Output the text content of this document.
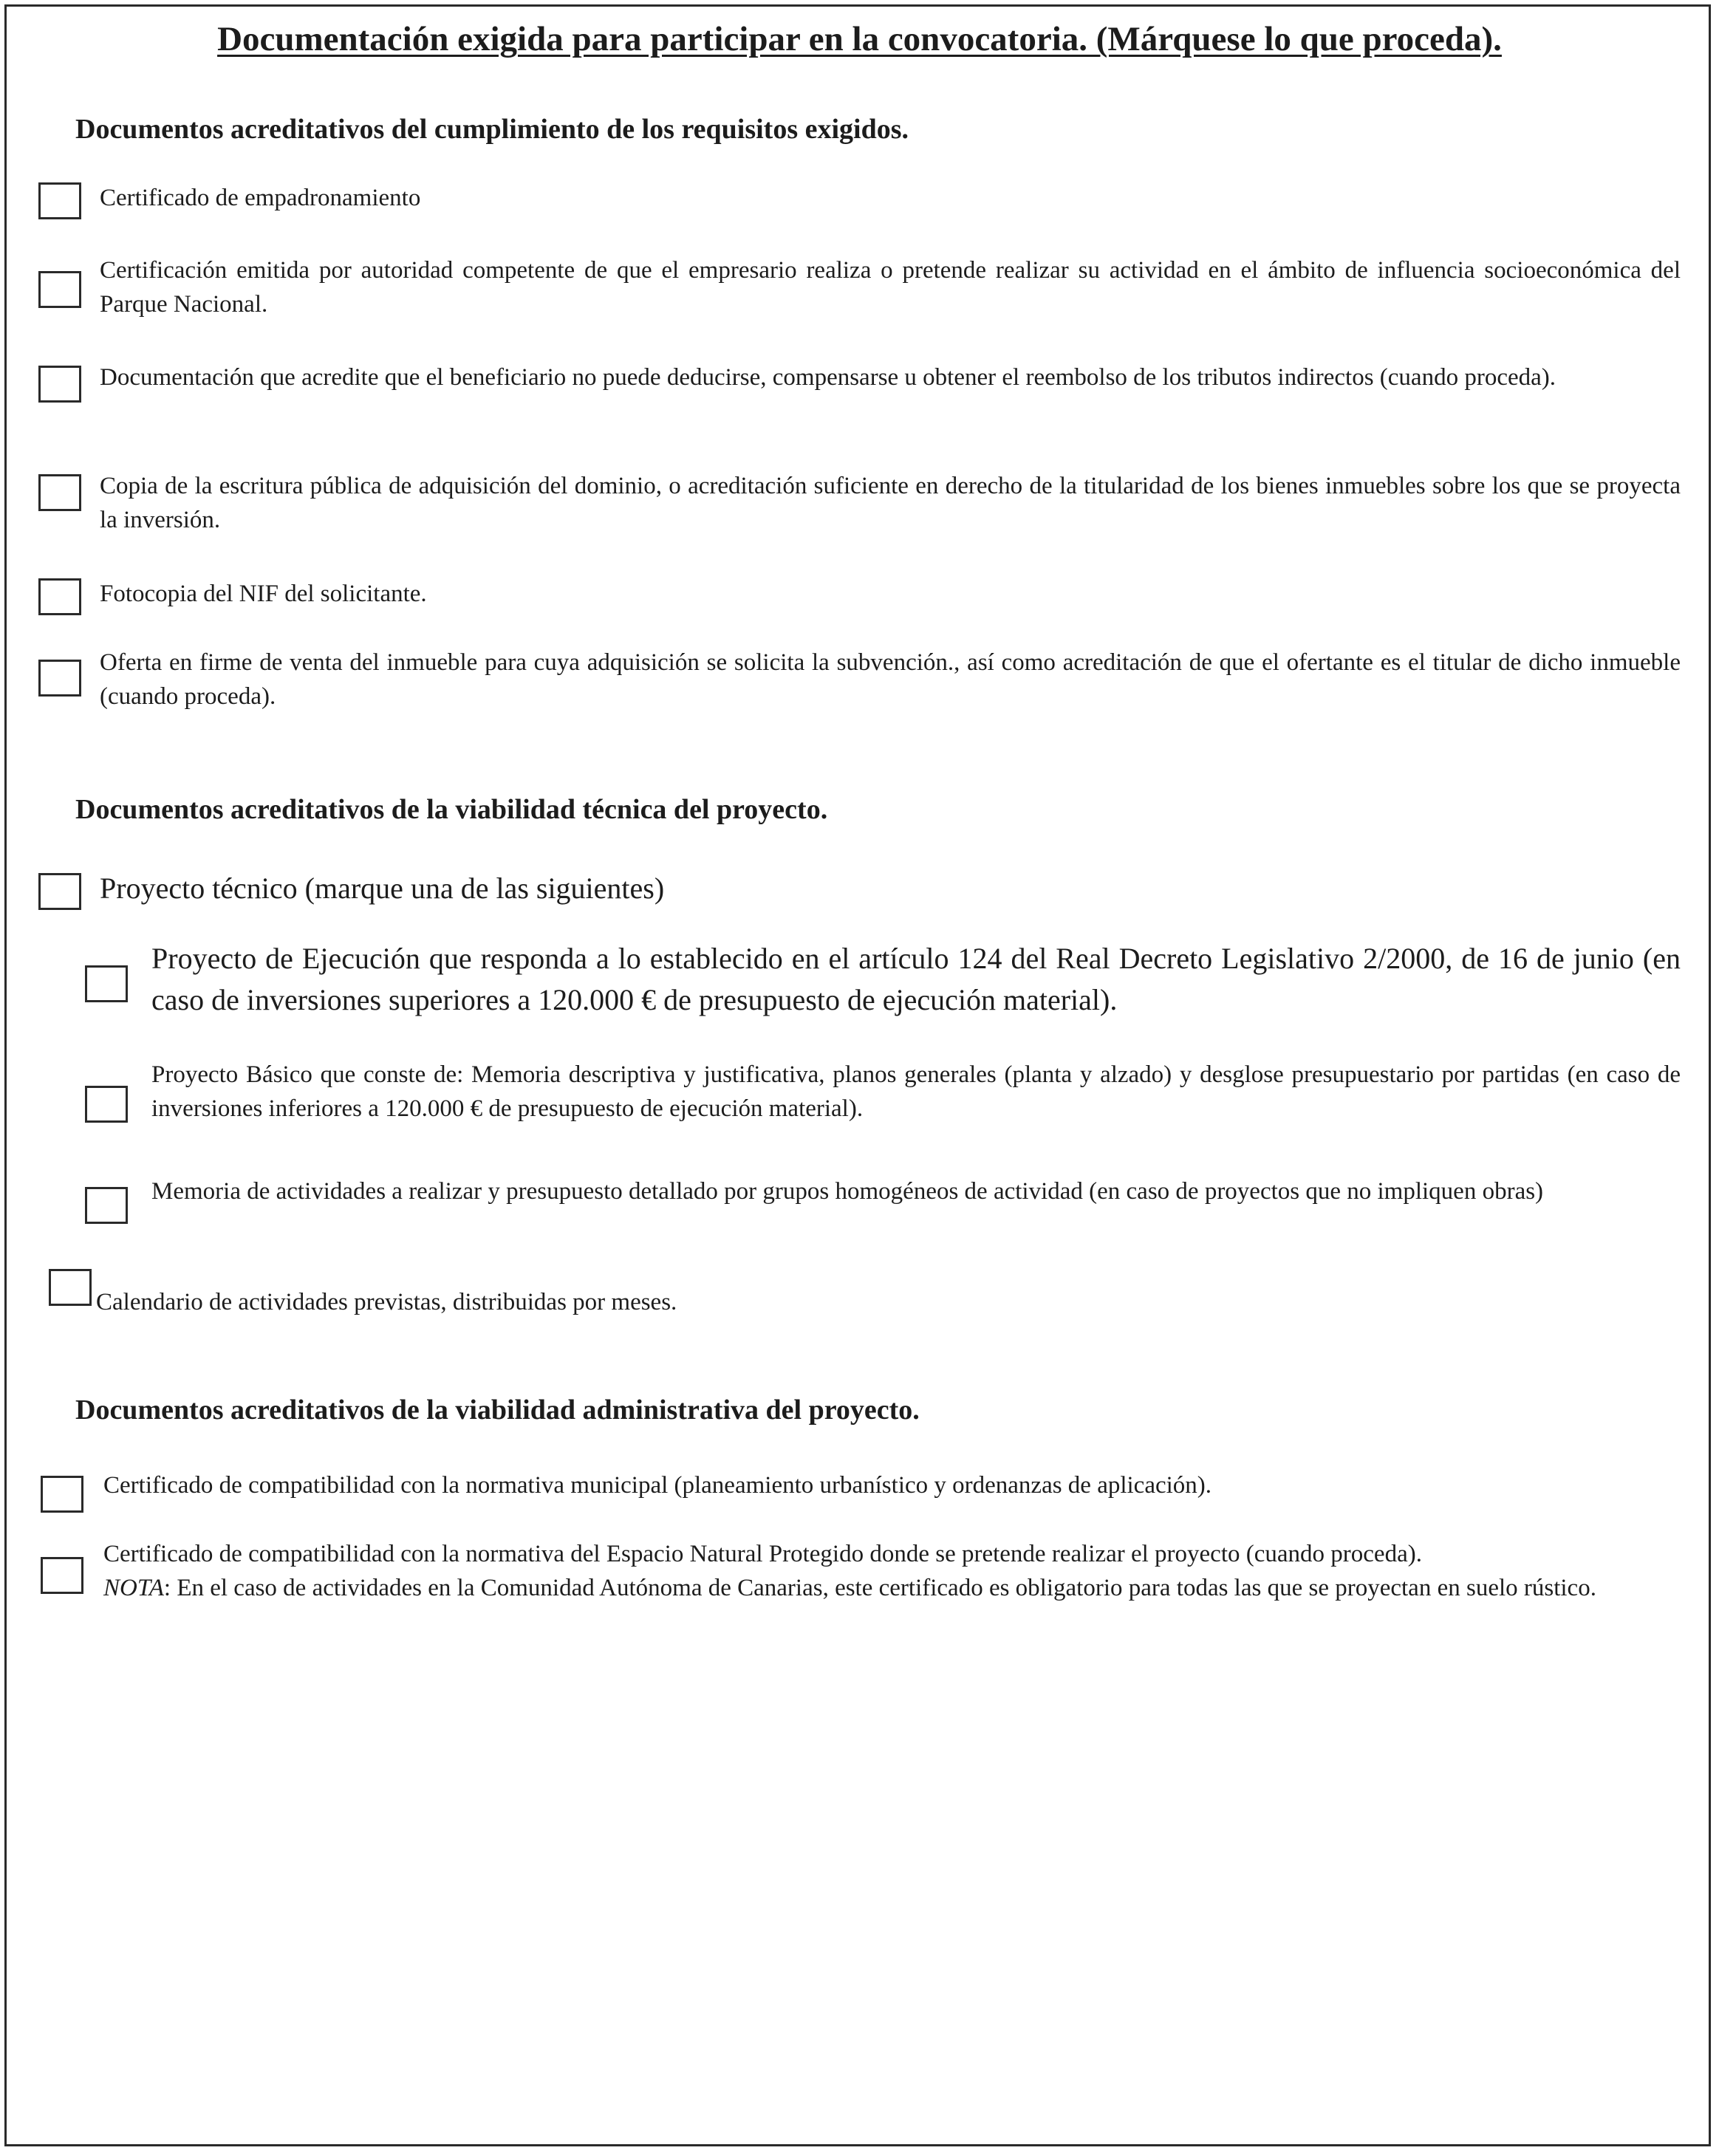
Documentación exigida para participar en la convocatoria. (Márquese lo que proceda).
Documentos acreditativos del cumplimiento de los requisitos exigidos.
Certificado de empadronamiento
Certificación emitida por autoridad competente de que el empresario realiza o pretende realizar su actividad en el ámbito de influencia socioeconómica del Parque Nacional.
Documentación que acredite que el beneficiario no puede deducirse, compensarse u obtener el reembolso de los tributos indirectos (cuando proceda).
Copia de la escritura pública de adquisición del dominio, o acreditación suficiente en derecho de la titularidad de los bienes inmuebles sobre los que se proyecta la inversión.
Fotocopia del NIF del solicitante.
Oferta en firme de venta del inmueble para cuya adquisición se solicita la subvención., así como acreditación de que el ofertante es el titular de dicho inmueble (cuando proceda).
Documentos acreditativos de la viabilidad técnica del proyecto.
Proyecto técnico (marque una de las siguientes)
Proyecto de Ejecución que responda a lo establecido en el artículo 124 del Real Decreto Legislativo 2/2000, de 16 de junio (en caso de inversiones superiores a 120.000 € de presupuesto de ejecución material).
Proyecto Básico que conste de: Memoria descriptiva y justificativa, planos generales (planta y alzado) y desglose presupuestario por partidas (en caso de inversiones inferiores a 120.000 € de presupuesto de ejecución material).
Memoria de actividades a realizar y presupuesto detallado por grupos homogéneos de actividad (en caso de proyectos que no impliquen obras)
Calendario de actividades previstas, distribuidas por meses.
Documentos acreditativos de la viabilidad administrativa del proyecto.
Certificado de compatibilidad con la normativa municipal (planeamiento urbanístico y ordenanzas de aplicación).
Certificado de compatibilidad con la normativa del Espacio Natural Protegido donde se pretende realizar el proyecto (cuando proceda).
NOTA: En el caso de actividades en la Comunidad Autónoma de Canarias, este certificado es obligatorio para todas las que se proyectan en suelo rústico.
